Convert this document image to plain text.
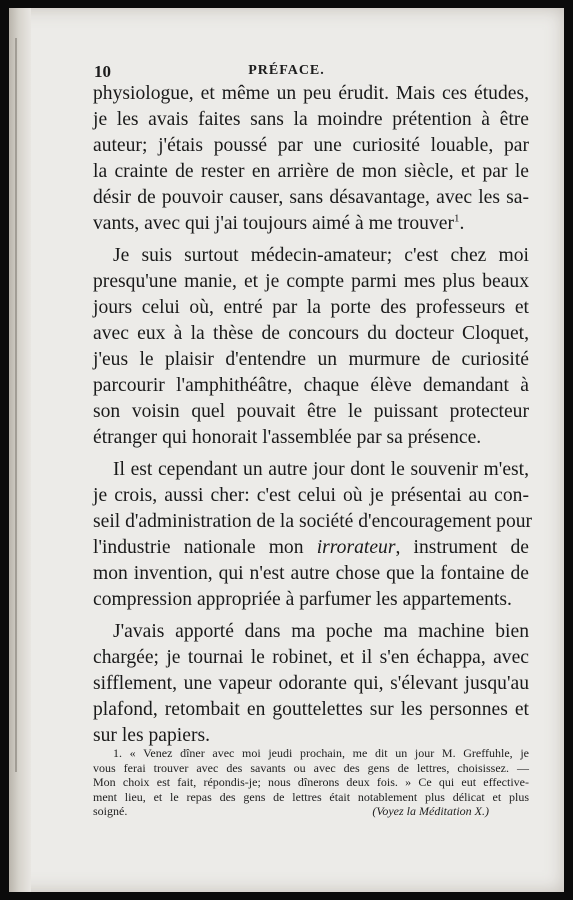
10	PRÉFACE.
physiologue, et même un peu érudit. Mais ces études,
je les avais faites sans la moindre prétention à être
auteur; j'étais poussé par une curiosité louable, par
la crainte de rester en arrière de mon siècle, et par le
désir de pouvoir causer, sans désavantage, avec les sa-
vants, avec qui j'ai toujours aimé à me trouver$^1$.
Je suis surtout médecin-amateur; c'est chez moi
presqu'une manie, et je compte parmi mes plus beaux
jours celui où, entré par la porte des professeurs et
avec eux à la thèse de concours du docteur Cloquet,
j'eus le plaisir d'entendre un murmure de curiosité
parcourir l'amphithéâtre, chaque élève demandant à
son voisin quel pouvait être le puissant protecteur
étranger qui honorait l'assemblée par sa présence.
Il est cependant un autre jour dont le souvenir m'est,
je crois, aussi cher: c'est celui où je présentai au con-
seil d'administration de la société d'encouragement pour
l'industrie nationale mon irrorateur, instrument de
mon invention, qui n'est autre chose que la fontaine de
compression appropriée à parfumer les appartements.
J'avais apporté dans ma poche ma machine bien
chargée; je tournai le robinet, et il s'en échappa, avec
sifflement, une vapeur odorante qui, s'élevant jusqu'au
plafond, retombait en gouttelettes sur les personnes et
sur les papiers.
1. « Venez dîner avec moi jeudi prochain, me dit un jour M. Greffuhle, je
vous ferai trouver avec des savants ou avec des gens de lettres, choisissez. —
Mon choix est fait, répondis-je; nous dînerons deux fois. » Ce qui eut effective-
ment lieu, et le repas des gens de lettres était notablement plus délicat et plus
soigné.	(Voyez la Méditation X.)
